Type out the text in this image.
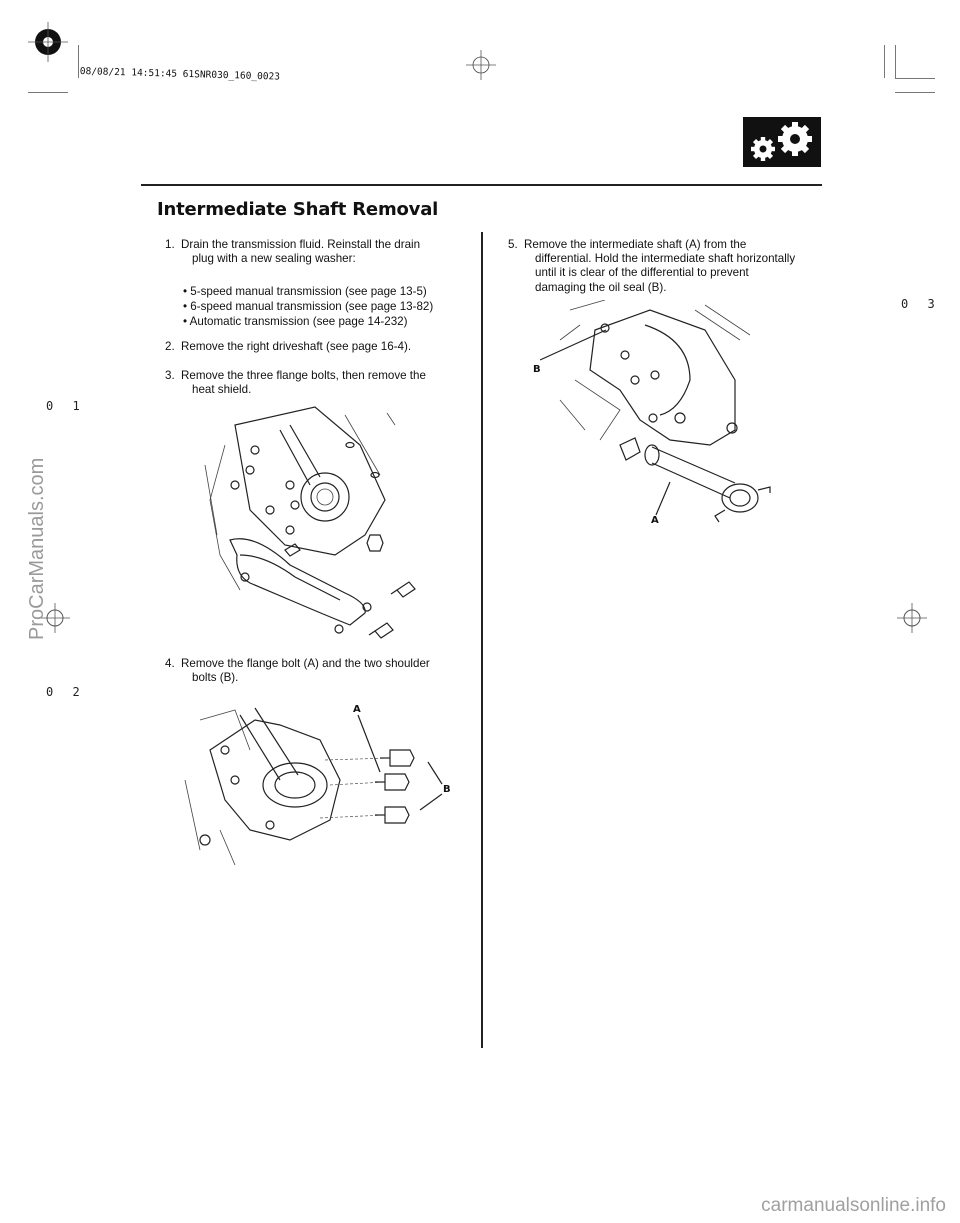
08/08/21 14:51:45 61SNR030_160_0023
0 3
0 1
0 2
Intermediate Shaft Removal
1. Drain the transmission fluid. Reinstall the drain
plug with a new sealing washer:
• 5-speed manual transmission (see page 13-5)
• 6-speed manual transmission (see page 13-82)
• Automatic transmission (see page 14-232)
2. Remove the right driveshaft (see page 16-4).
3. Remove the three flange bolts, then remove the
heat shield.
4. Remove the flange bolt (A) and the two shoulder
bolts (B).
A
B
5. Remove the intermediate shaft (A) from the
differential. Hold the intermediate shaft horizontally
until it is clear of the differential to prevent
damaging the oil seal (B).
B
A
ProCarManuals.com
carmanualsonline.info
